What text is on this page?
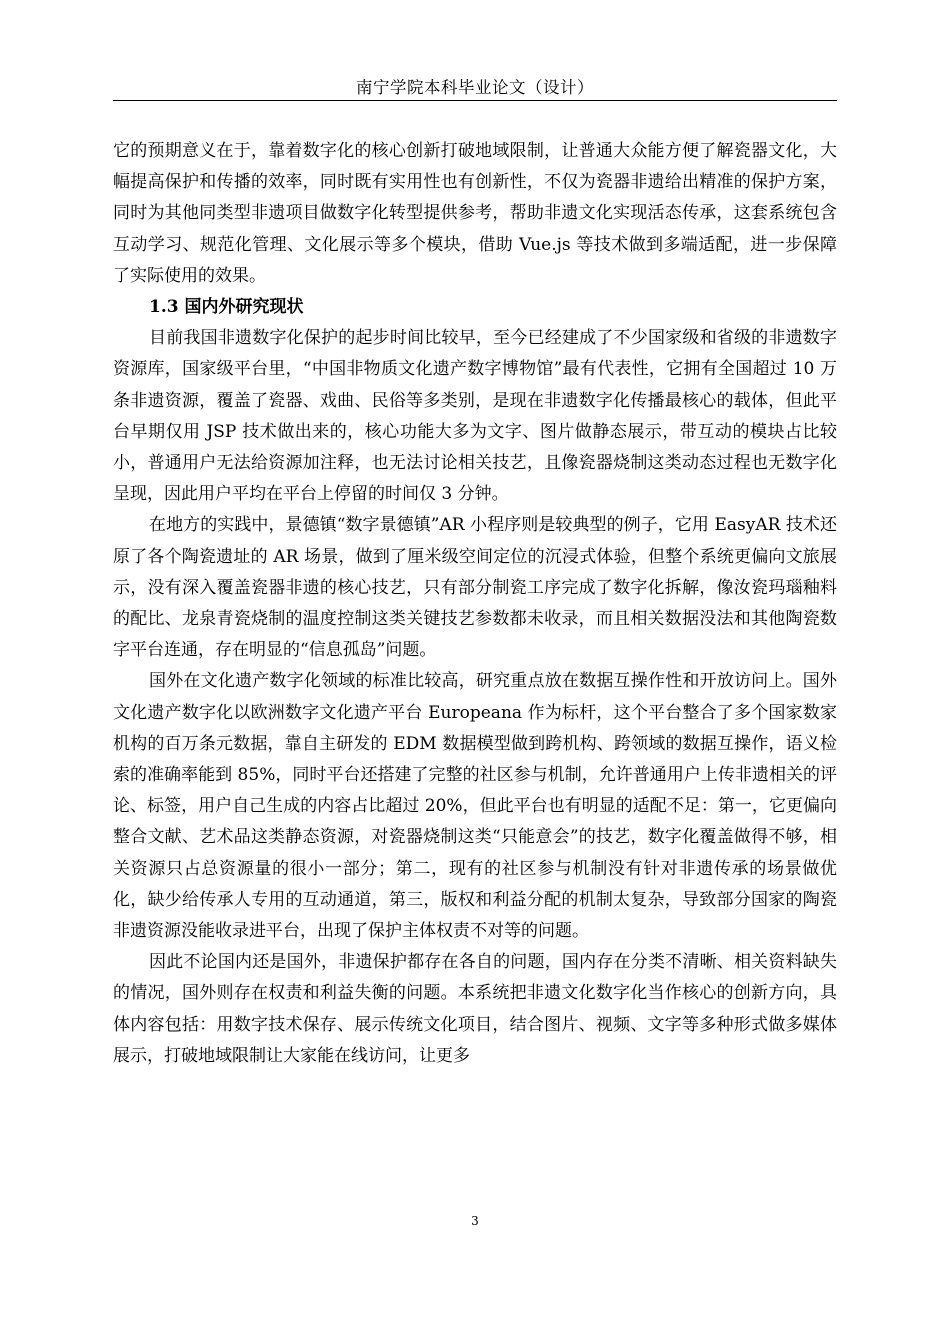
南宁学院本科毕业论文（设计）

它的预期意义在于，靠着数字化的核心创新打破地域限制，让普通大众能方便了解瓷器文化，大幅提高保护和传播的效率，同时既有实用性也有创新性，不仅为瓷器非遗给出精准的保护方案，同时为其他同类型非遗项目做数字化转型提供参考，帮助非遗文化实现活态传承，这套系统包含互动学习、规范化管理、文化展示等多个模块，借助 Vue.js 等技术做到多端适配，进一步保障了实际使用的效果。

1.3 国内外研究现状

目前我国非遗数字化保护的起步时间比较早，至今已经建成了不少国家级和省级的非遗数字资源库，国家级平台里，“中国非物质文化遗产数字博物馆”最有代表性，它拥有全国超过 10 万条非遗资源，覆盖了瓷器、戏曲、民俗等多类别，是现在非遗数字化传播最核心的载体，但此平台早期仅用 JSP 技术做出来的，核心功能大多为文字、图片做静态展示，带互动的模块占比较小，普通用户无法给资源加注释，也无法讨论相关技艺，且像瓷器烧制这类动态过程也无数字化呈现，因此用户平均在平台上停留的时间仅 3 分钟。

在地方的实践中，景德镇“数字景德镇”AR 小程序则是较典型的例子，它用 EasyAR 技术还原了各个陶瓷遗址的 AR 场景，做到了厘米级空间定位的沉浸式体验，但整个系统更偏向文旅展示，没有深入覆盖瓷器非遗的核心技艺，只有部分制瓷工序完成了数字化拆解，像汝瓷玛瑙釉料的配比、龙泉青瓷烧制的温度控制这类关键技艺参数都未收录，而且相关数据没法和其他陶瓷数字平台连通，存在明显的“信息孤岛”问题。

国外在文化遗产数字化领域的标准比较高，研究重点放在数据互操作性和开放访问上。国外文化遗产数字化以欧洲数字文化遗产平台 Europeana 作为标杆，这个平台整合了多个国家数家机构的百万条元数据，靠自主研发的 EDM 数据模型做到跨机构、跨领域的数据互操作，语义检索的准确率能到 85%，同时平台还搭建了完整的社区参与机制，允许普通用户上传非遗相关的评论、标签，用户自己生成的内容占比超过 20%，但此平台也有明显的适配不足：第一，它更偏向整合文献、艺术品这类静态资源，对瓷器烧制这类“只能意会”的技艺，数字化覆盖做得不够，相关资源只占总资源量的很小一部分；第二，现有的社区参与机制没有针对非遗传承的场景做优化，缺少给传承人专用的互动通道，第三，版权和利益分配的机制太复杂，导致部分国家的陶瓷非遗资源没能收录进平台，出现了保护主体权责不对等的问题。

因此不论国内还是国外，非遗保护都存在各自的问题，国内存在分类不清晰、相关资料缺失的情况，国外则存在权责和利益失衡的问题。本系统把非遗文化数字化当作核心的创新方向，具体内容包括：用数字技术保存、展示传统文化项目，结合图片、视频、文字等多种形式做多媒体展示，打破地域限制让大家能在线访问，让更多

3
